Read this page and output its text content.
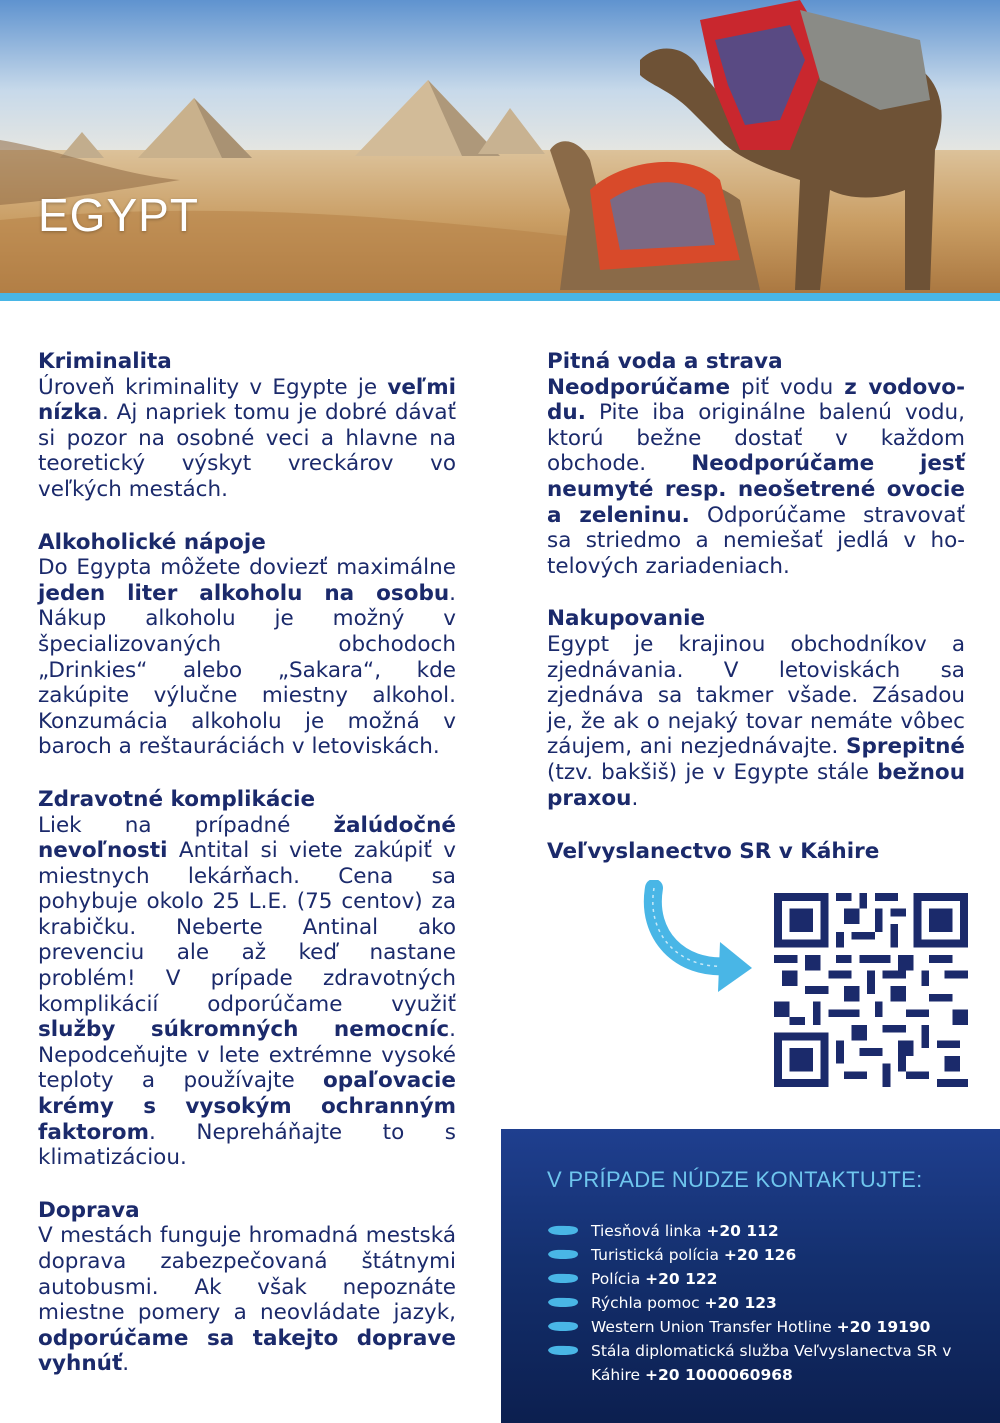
EGYPT
Kriminalita

Úroveň kriminality v Egypte je veľmi nízka. Aj napriek tomu je dobré dávať si pozor na osobné veci a hlavne na teoretický výskyt vreckárov vo veľkých mestách.

Alkoholické nápoje

Do Egypta môžete doviezť maximálne jeden liter alkoholu na osobu. Nákup alkoholu je možný v špecializovaných obchodoch „Drinkies“ alebo „Sakara“, kde zakúpite výlučne miestny alkohol. Konzumácia alkoholu je možná v baroch a reštauráciách v letoviskách.

Zdravotné komplikácie

Liek na prípadné žalúdočné nevoľnosti Antital si viete zakúpiť v miestnych lekárňach. Cena sa pohybuje okolo 25 L.E. (75 centov) za krabičku. Neberte Antinal ako prevenciu ale až keď nastane problém! V prípade zdravotných komplikácií odporúčame využiť služby súkromných nemocníc. Nepodceňujte v lete extrémne vysoké teploty a používajte opaľovacie krémy s vysokým ochranným faktorom. Nepreháňajte to s klimatizáciou.

Doprava

V mestách funguje hromadná mestská doprava zabezpečovaná štátnymi autobusmi. Ak však nepoznáte miestne pomery a neovládate jazyk, odporúčame sa takejto doprave vyhnúť.

Pitná voda a strava

Neodporúčame piť vodu z vodovodu. Pite iba originálne balenú vodu, ktorú bežne dostať v každom obchode. Neodporúčame jesť neumyté resp. neošetrené ovocie a zeleninu. Odporúčame stravovať sa striedmo a nemiešať jedlá v hotelových zariadeniach.

Nakupovanie

Egypt je krajinou obchodníkov a zjednávania. V letoviskách sa zjednáva sa takmer všade. Zásadou je, že ak o nejaký tovar nemáte vôbec záujem, ani nezjednávajte. Sprepitné (tzv. bakšiš) je v Egypte stále bežnou praxou.

Veľvyslanectvo SR v Káhire
V PRÍPADE NÚDZE KONTAKTUJTE:
Tiesňová linka +20 112
Turistická polícia +20 126
Polícia +20 122
Rýchla pomoc +20 123
Western Union Transfer Hotline +20 19190
Stála diplomatická služba Veľvyslanectva SR v Káhire +20 1000060968
